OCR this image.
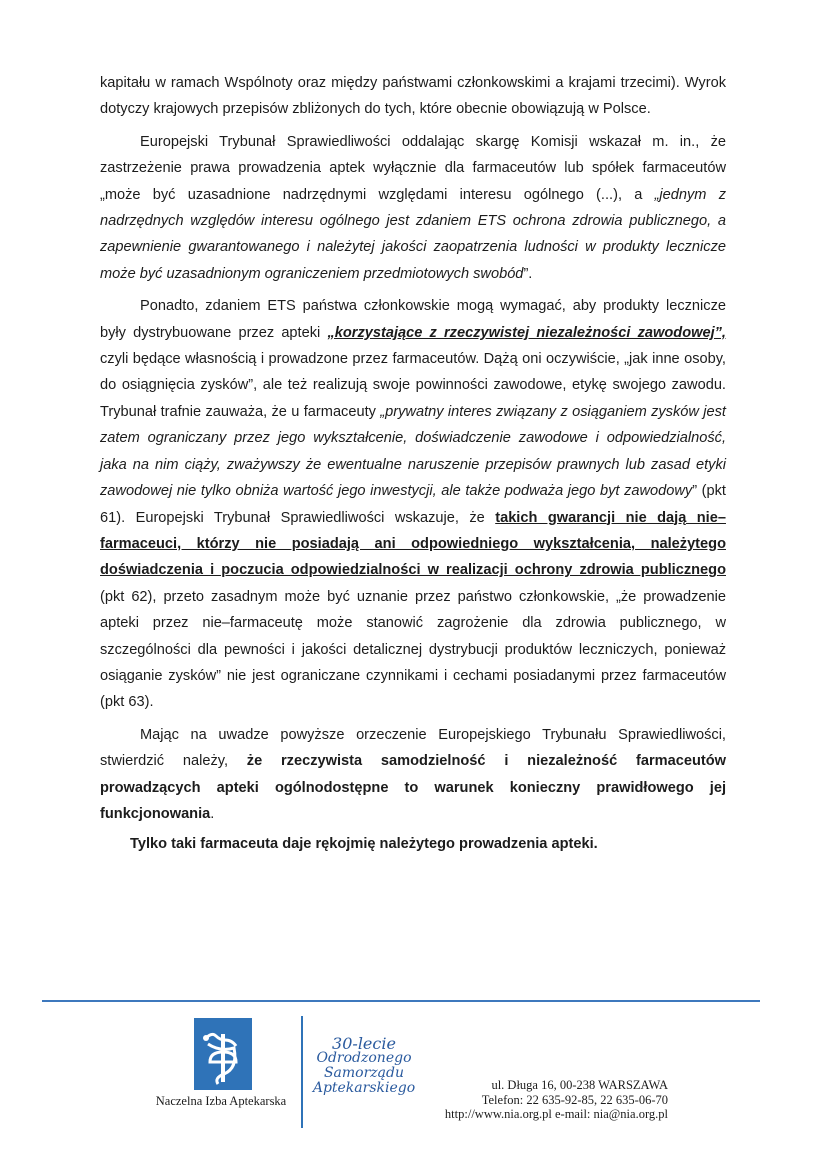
kapitału w ramach Wspólnoty oraz między państwami członkowskimi a krajami trzecimi). Wyrok dotyczy krajowych przepisów zbliżonych do tych, które obecnie obowiązują w Polsce.

Europejski Trybunał Sprawiedliwości oddalając skargę Komisji wskazał m. in., że zastrzeżenie prawa prowadzenia aptek wyłącznie dla farmaceutów lub spółek farmaceutów „może być uzasadnione nadrzędnymi względami interesu ogólnego (...), a „jednym z nadrzędnych względów interesu ogólnego jest zdaniem ETS ochrona zdrowia publicznego, a zapewnienie gwarantowanego i należytej jakości zaopatrzenia ludności w produkty lecznicze może być uzasadnionym ograniczeniem przedmiotowych swobód”.

Ponadto, zdaniem ETS państwa członkowskie mogą wymagać, aby produkty lecznicze były dystrybuowane przez apteki „korzystające z rzeczywistej niezależności zawodowej”, czyli będące własnością i prowadzone przez farmaceutów. Dążą oni oczywiście, „jak inne osoby, do osiągnięcia zysków”, ale też realizują swoje powinności zawodowe, etykę swojego zawodu. Trybunał trafnie zauważa, że u farmaceuty „prywatny interes związany z osiąganiem zysków jest zatem ograniczany przez jego wykształcenie, doświadczenie zawodowe i odpowiedzialność, jaka na nim ciąży, zważywszy że ewentualne naruszenie przepisów prawnych lub zasad etyki zawodowej nie tylko obniża wartość jego inwestycji, ale także podważa jego byt zawodowy” (pkt 61). Europejski Trybunał Sprawiedliwości wskazuje, że takich gwarancji nie dają nie–farmaceuci, którzy nie posiadają ani odpowiedniego wykształcenia, należytego doświadczenia i poczucia odpowiedzialności w realizacji ochrony zdrowia publicznego (pkt 62), przeto zasadnym może być uznanie przez państwo członkowskie, „że prowadzenie apteki przez nie–farmaceutę może stanowić zagrożenie dla zdrowia publicznego, w szczególności dla pewności i jakości detalicznej dystrybucji produktów leczniczych, ponieważ osiąganie zysków” nie jest ograniczane czynnikami i cechami posiadanymi przez farmaceutów (pkt 63).

Mając na uwadze powyższe orzeczenie Europejskiego Trybunału Sprawiedliwości, stwierdzić należy, że rzeczywista samodzielność i niezależność farmaceutów prowadzących apteki ogólnodostępne to warunek konieczny prawidłowego jej funkcjonowania.

Tylko taki farmaceuta daje rękojmię należytego prowadzenia apteki.

Naczelna Izba Aptekarska
30-lecie
Odrodzonego
Samorządu
Aptekarskiego	ul. Długa 16, 00-238 WARSZAWA
Telefon: 22 635-92-85, 22 635-06-70
http://www.nia.org.pl e-mail: nia@nia.org.pl
